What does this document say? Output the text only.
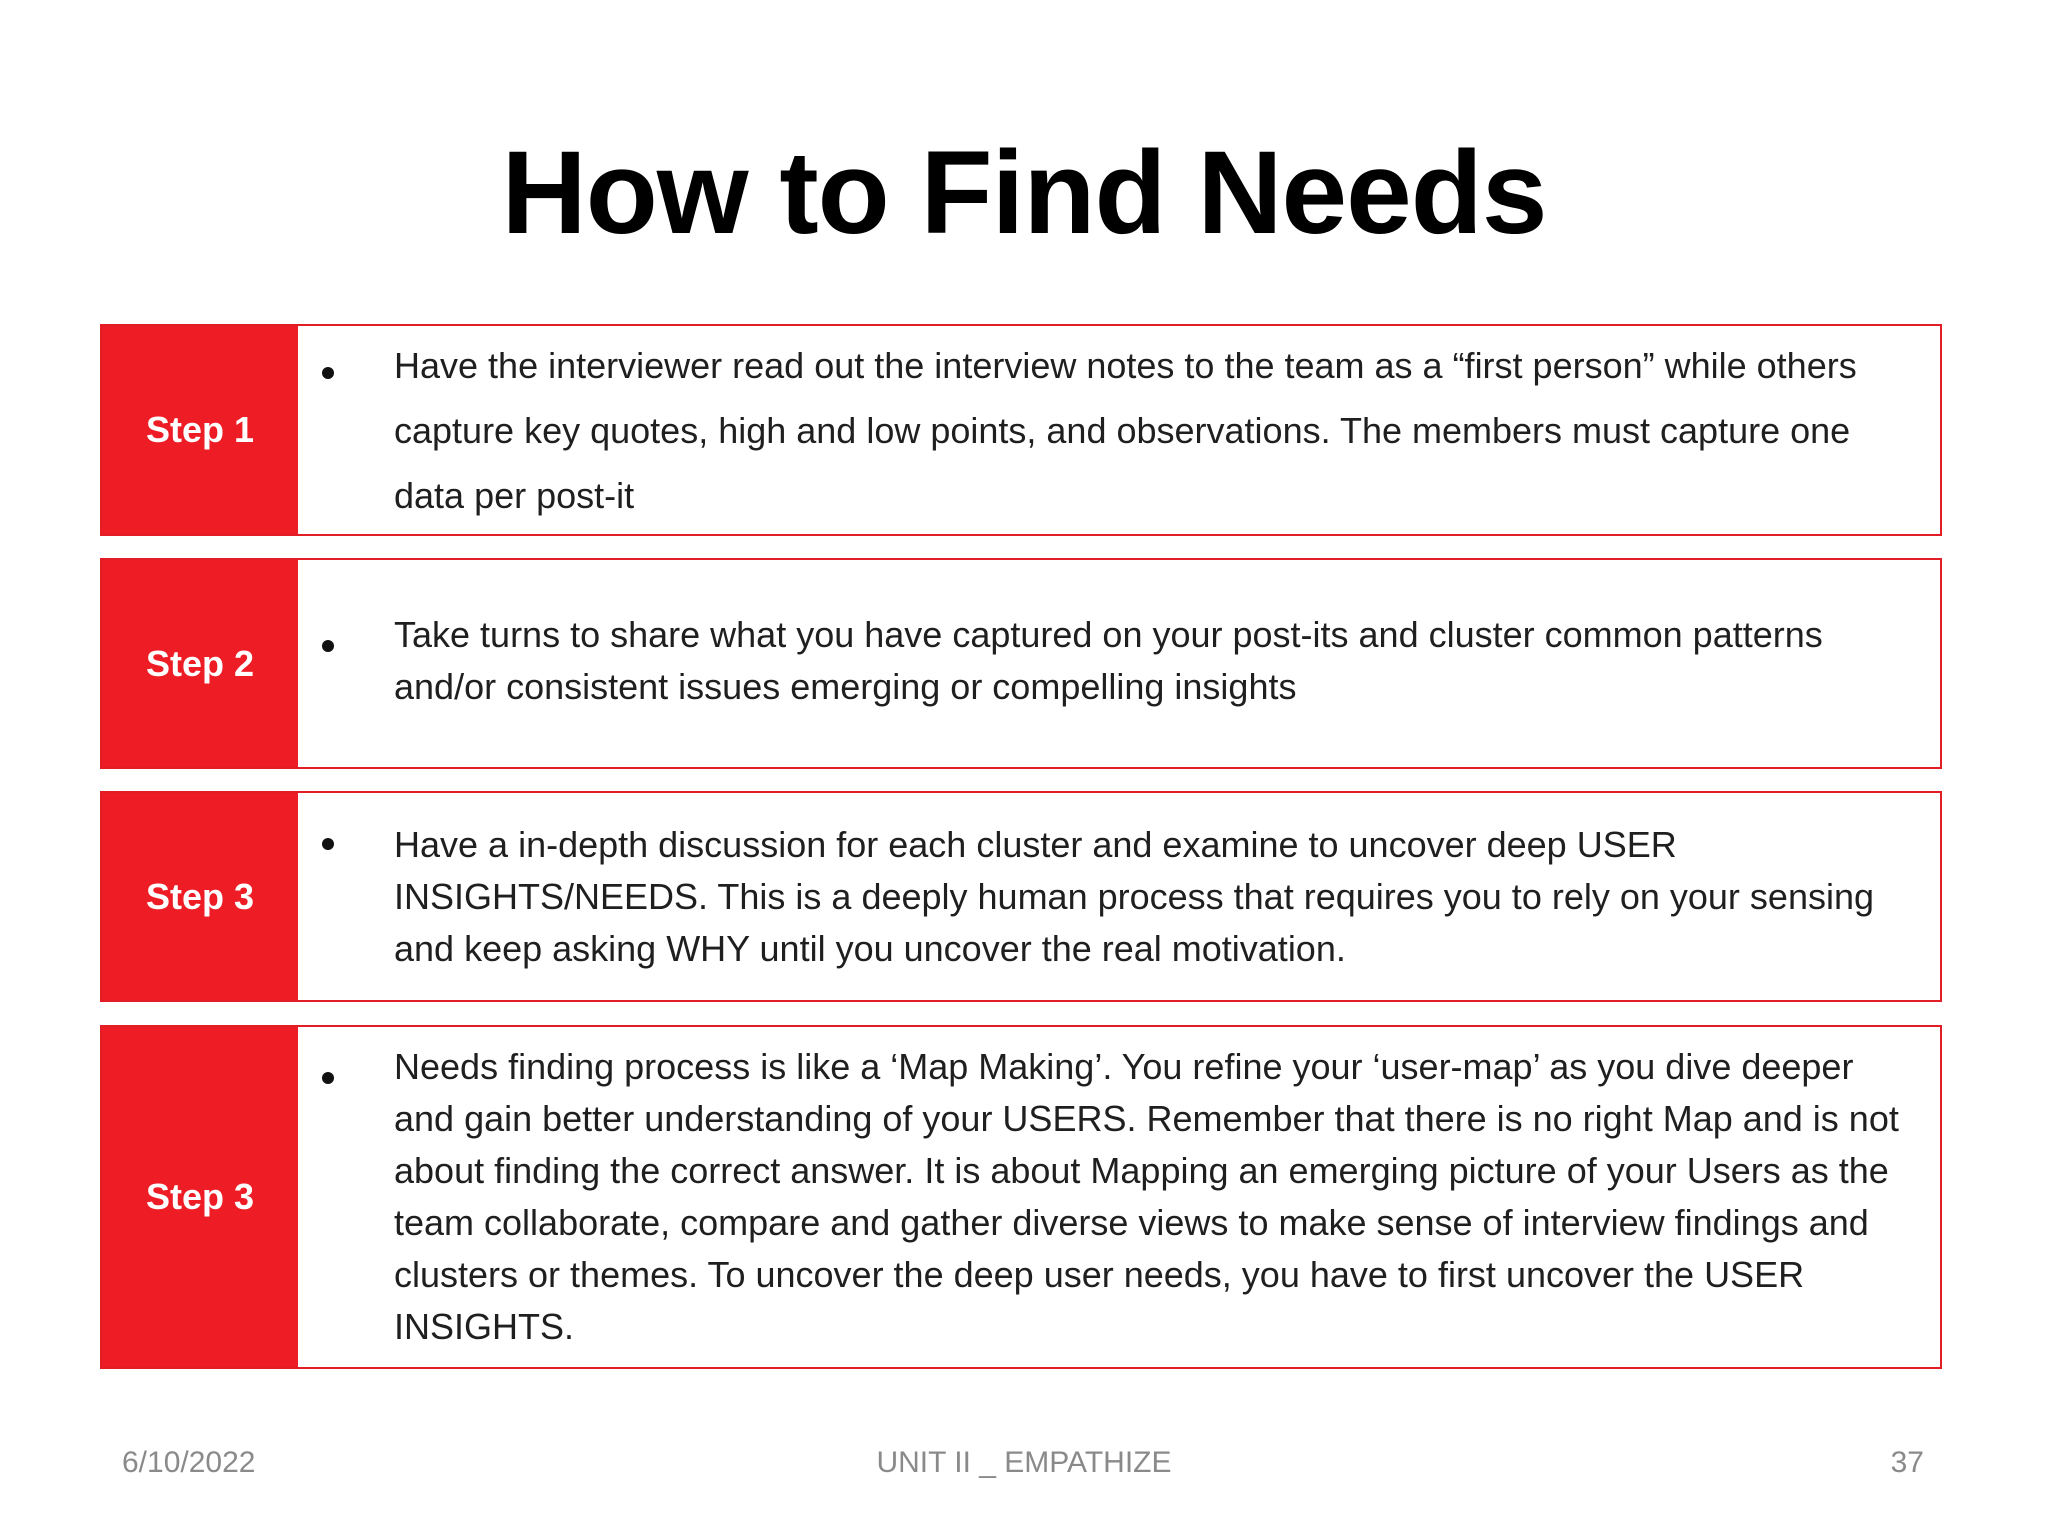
How to Find Needs
Step 1
Have the interviewer read out the interview notes to the team as a “first person” while others capture key quotes, high and low points, and observations. The members must capture one data per post-it
Step 2
Take turns to share what you have captured on your post-its and cluster common patterns and/or consistent issues emerging or compelling insights
Step 3
Have a in-depth discussion for each cluster and examine to uncover deep USER INSIGHTS/NEEDS. This is a deeply human process that requires you to rely on your sensing and keep asking WHY until you uncover the real motivation.
Step 3
Needs finding process is like a ‘Map Making’. You refine your ‘user-map’ as you dive deeper and gain better understanding of your USERS. Remember that there is no right Map and is not about finding the correct answer. It is about Mapping an emerging picture of your Users as the team collaborate, compare and gather diverse views to make sense of interview findings and clusters or themes. To uncover the deep user needs, you have to first uncover the USER INSIGHTS.
6/10/2022	UNIT II _ EMPATHIZE	37
